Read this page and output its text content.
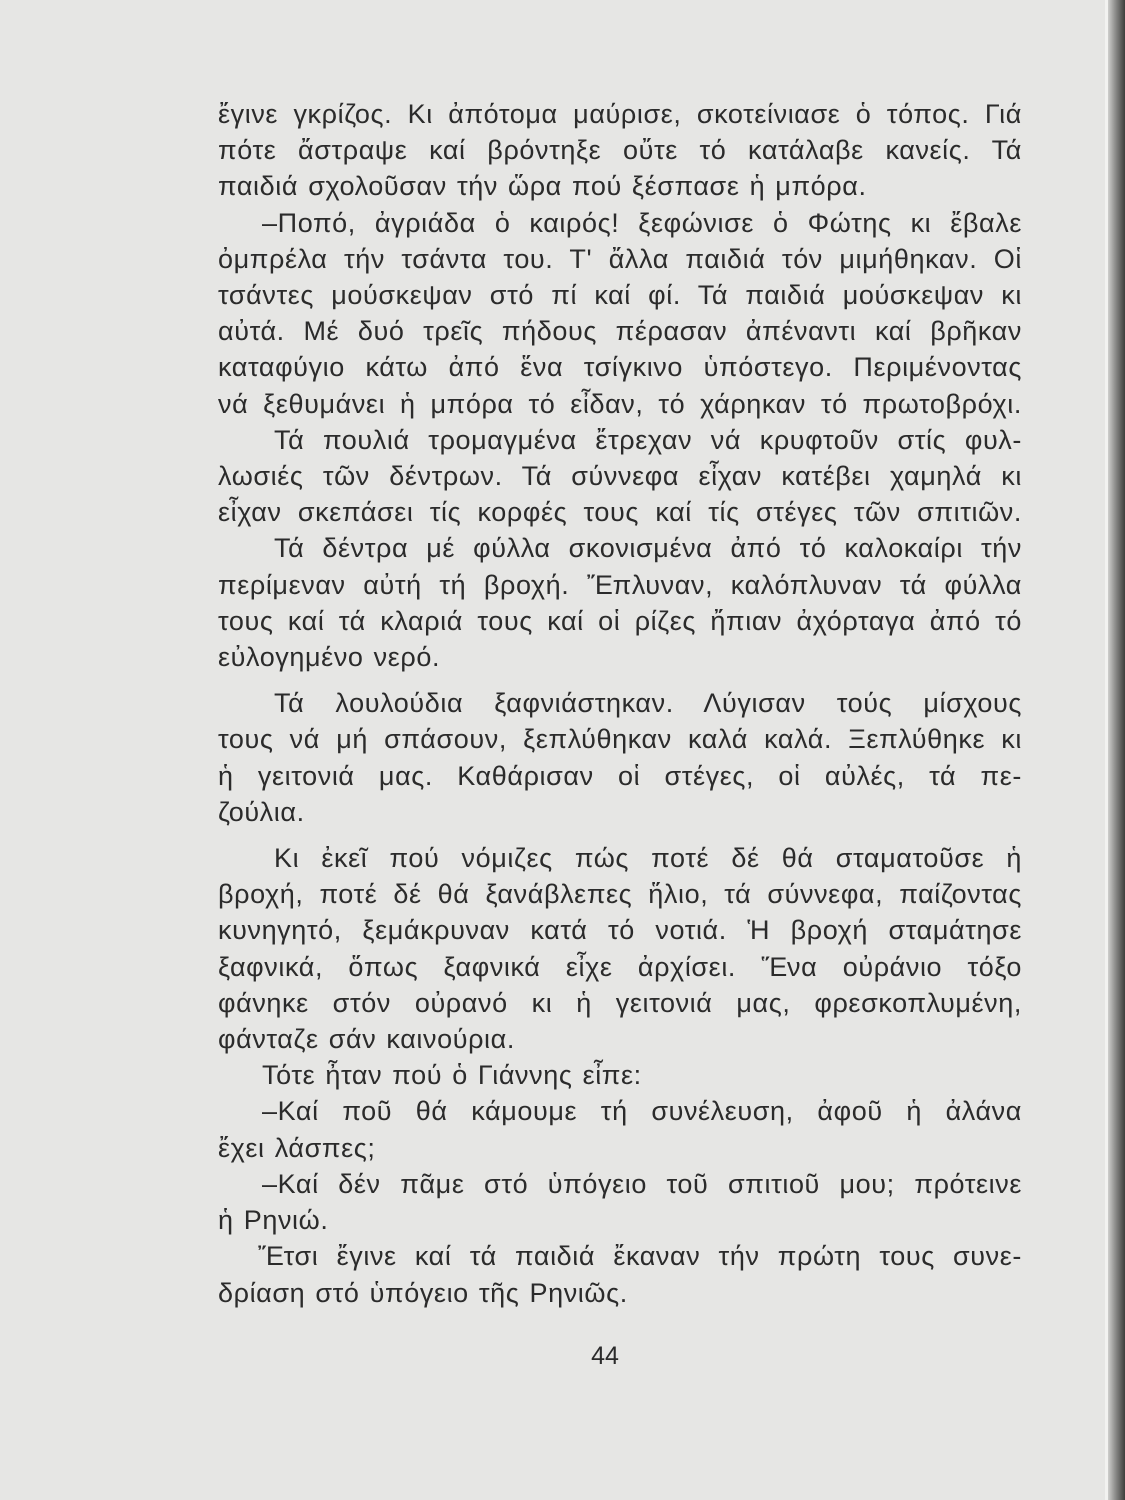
ἔγινε γκρίζος. Κι ἀπότομα μαύρισε, σκοτείνιασε ὁ τόπος. Γιά
πότε ἄστραψε καί βρόντηξε οὔτε τό κατάλαβε κανείς. Τά
παιδιά σχολοῦσαν τήν ὥρα πού ξέσπασε ἡ μπόρα.
–Ποπό, ἀγριάδα ὁ καιρός! ξεφώνισε ὁ Φώτης κι ἔβαλε
ὀμπρέλα τήν τσάντα του. Τ' ἄλλα παιδιά τόν μιμήθηκαν. Οἱ
τσάντες μούσκεψαν στό πί καί φί. Τά παιδιά μούσκεψαν κι
αὐτά. Μέ δυό τρεῖς πήδους πέρασαν ἀπέναντι καί βρῆκαν
καταφύγιο κάτω ἀπό ἕνα τσίγκινο ὑπόστεγο. Περιμένοντας
νά ξεθυμάνει ἡ μπόρα τό εἶδαν, τό χάρηκαν τό πρωτοβρόχι.
Τά πουλιά τρομαγμένα ἔτρεχαν νά κρυφτοῦν στίς φυλ-
λωσιές τῶν δέντρων. Τά σύννεφα εἶχαν κατέβει χαμηλά κι
εἶχαν σκεπάσει τίς κορφές τους καί τίς στέγες τῶν σπιτιῶν.
Τά δέντρα μέ φύλλα σκονισμένα ἀπό τό καλοκαίρι τήν
περίμεναν αὐτή τή βροχή. Ἔπλυναν, καλόπλυναν τά φύλλα
τους καί τά κλαριά τους καί οἱ ρίζες ἤπιαν ἀχόρταγα ἀπό τό
εὐλογημένο νερό.
Τά λουλούδια ξαφνιάστηκαν. Λύγισαν τούς μίσχους
τους νά μή σπάσουν, ξεπλύθηκαν καλά καλά. Ξεπλύθηκε κι
ἡ γειτονιά μας. Καθάρισαν οἱ στέγες, οἱ αὐλές, τά πε-
ζούλια.
Κι ἐκεῖ πού νόμιζες πώς ποτέ δέ θά σταματοῦσε ἡ
βροχή, ποτέ δέ θά ξανάβλεπες ἥλιο, τά σύννεφα, παίζοντας
κυνηγητό, ξεμάκρυναν κατά τό νοτιά. Ἡ βροχή σταμάτησε
ξαφνικά, ὅπως ξαφνικά εἶχε ἀρχίσει. Ἕνα οὐράνιο τόξο
φάνηκε στόν οὐρανό κι ἡ γειτονιά μας, φρεσκοπλυμένη,
φάνταζε σάν καινούρια.
Τότε ἦταν πού ὁ Γιάννης εἶπε:
–Καί ποῦ θά κάμουμε τή συνέλευση, ἀφοῦ ἡ ἀλάνα
ἔχει λάσπες;
–Καί δέν πᾶμε στό ὑπόγειο τοῦ σπιτιοῦ μου; πρότεινε
ἡ Ρηνιώ.
Ἔτσι ἔγινε καί τά παιδιά ἔκαναν τήν πρώτη τους συνε-
δρίαση στό ὑπόγειο τῆς Ρηνιῶς.
44
